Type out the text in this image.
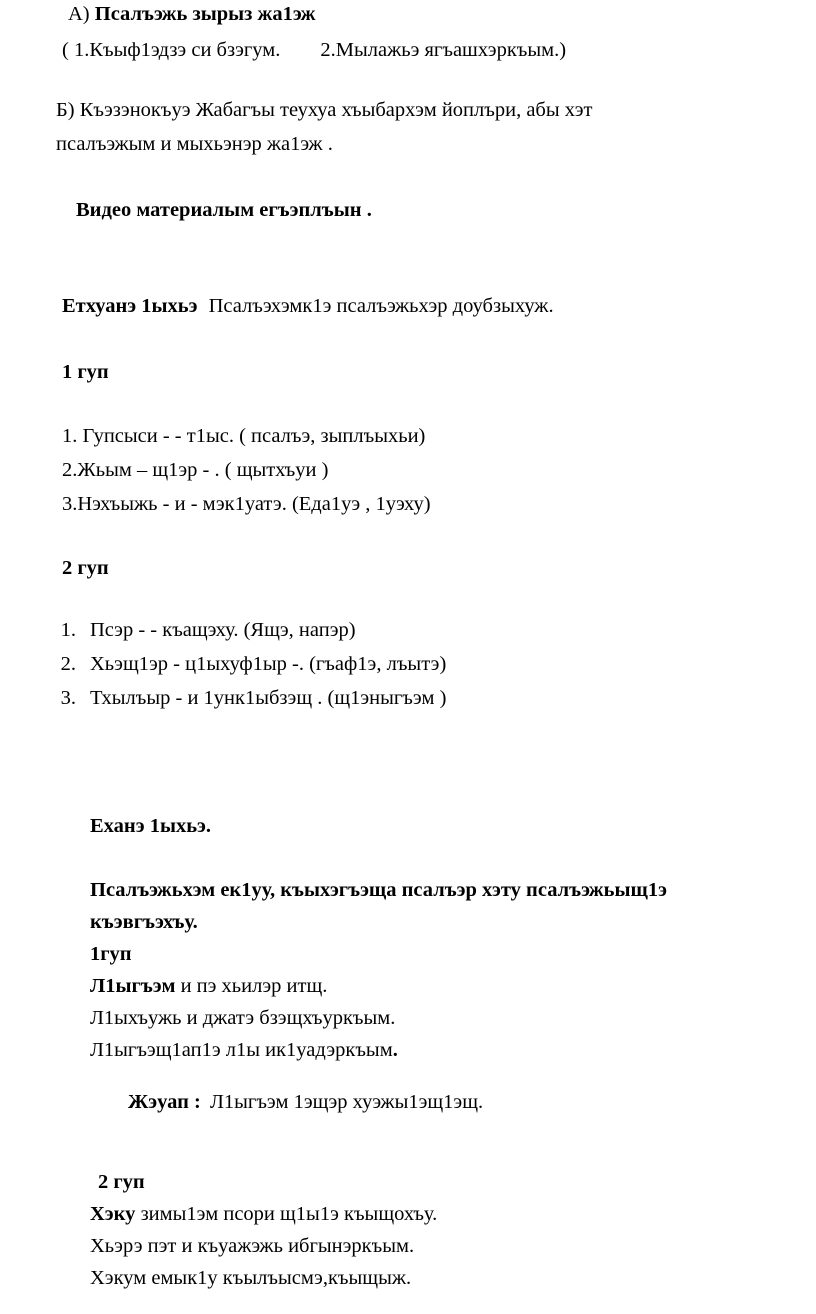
А) Псалъэжь зырыз жа1эж
( 1.Къыф1эдзэ си бзэгум. 2.Мылажьэ ягъашхэркъым.)
Б) Къэзэнокъуэ Жабагъы теухуа хъыбархэм йоплъри, абы хэт
псалъэжым и мыхьэнэр жа1эж .
Видео материалым егъэплъын .
Етхуанэ 1ыхьэ Псалъэхэмк1э псалъэжьхэр доубзыхуж.
1 гуп
1. Гупсыси - - т1ыс. ( псалъэ, зыплъыхьи)
2.Жьым – щ1эр - . ( щытхъуи )
3.Нэхъыжь - и - мэк1уатэ. (Еда1уэ , 1уэху)
2 гуп
1. Псэр - - къащэху. (Ящэ, напэр)
2. Хьэщ1эр - ц1ыхуф1ыр -. (гъаф1э, лъытэ)
3. Тхылъыр - и 1унк1ыбзэщ . (щ1эныгъэм )
Еханэ 1ыхьэ.
Псалъэжьхэм ек1уу, къыхэгъэща псалъэр хэту псалъэжьыщ1э
къэвгъэхъу.
1гуп
Л1ыгъэм и пэ хьилэр итщ.
Л1ыхъужь и джатэ бзэщхъуркъым.
Л1ыгъэщ1ап1э л1ы ик1уадэркъым.
Жэуап : Л1ыгъэм 1эщэр хуэжы1эщ1эщ.
2 гуп
Хэку зимы1эм псори щ1ы1э къыщохъу.
Хьэрэ пэт и къуажэжь ибгынэркъым.
Хэкум емык1у къылъысмэ,къыщыж.
